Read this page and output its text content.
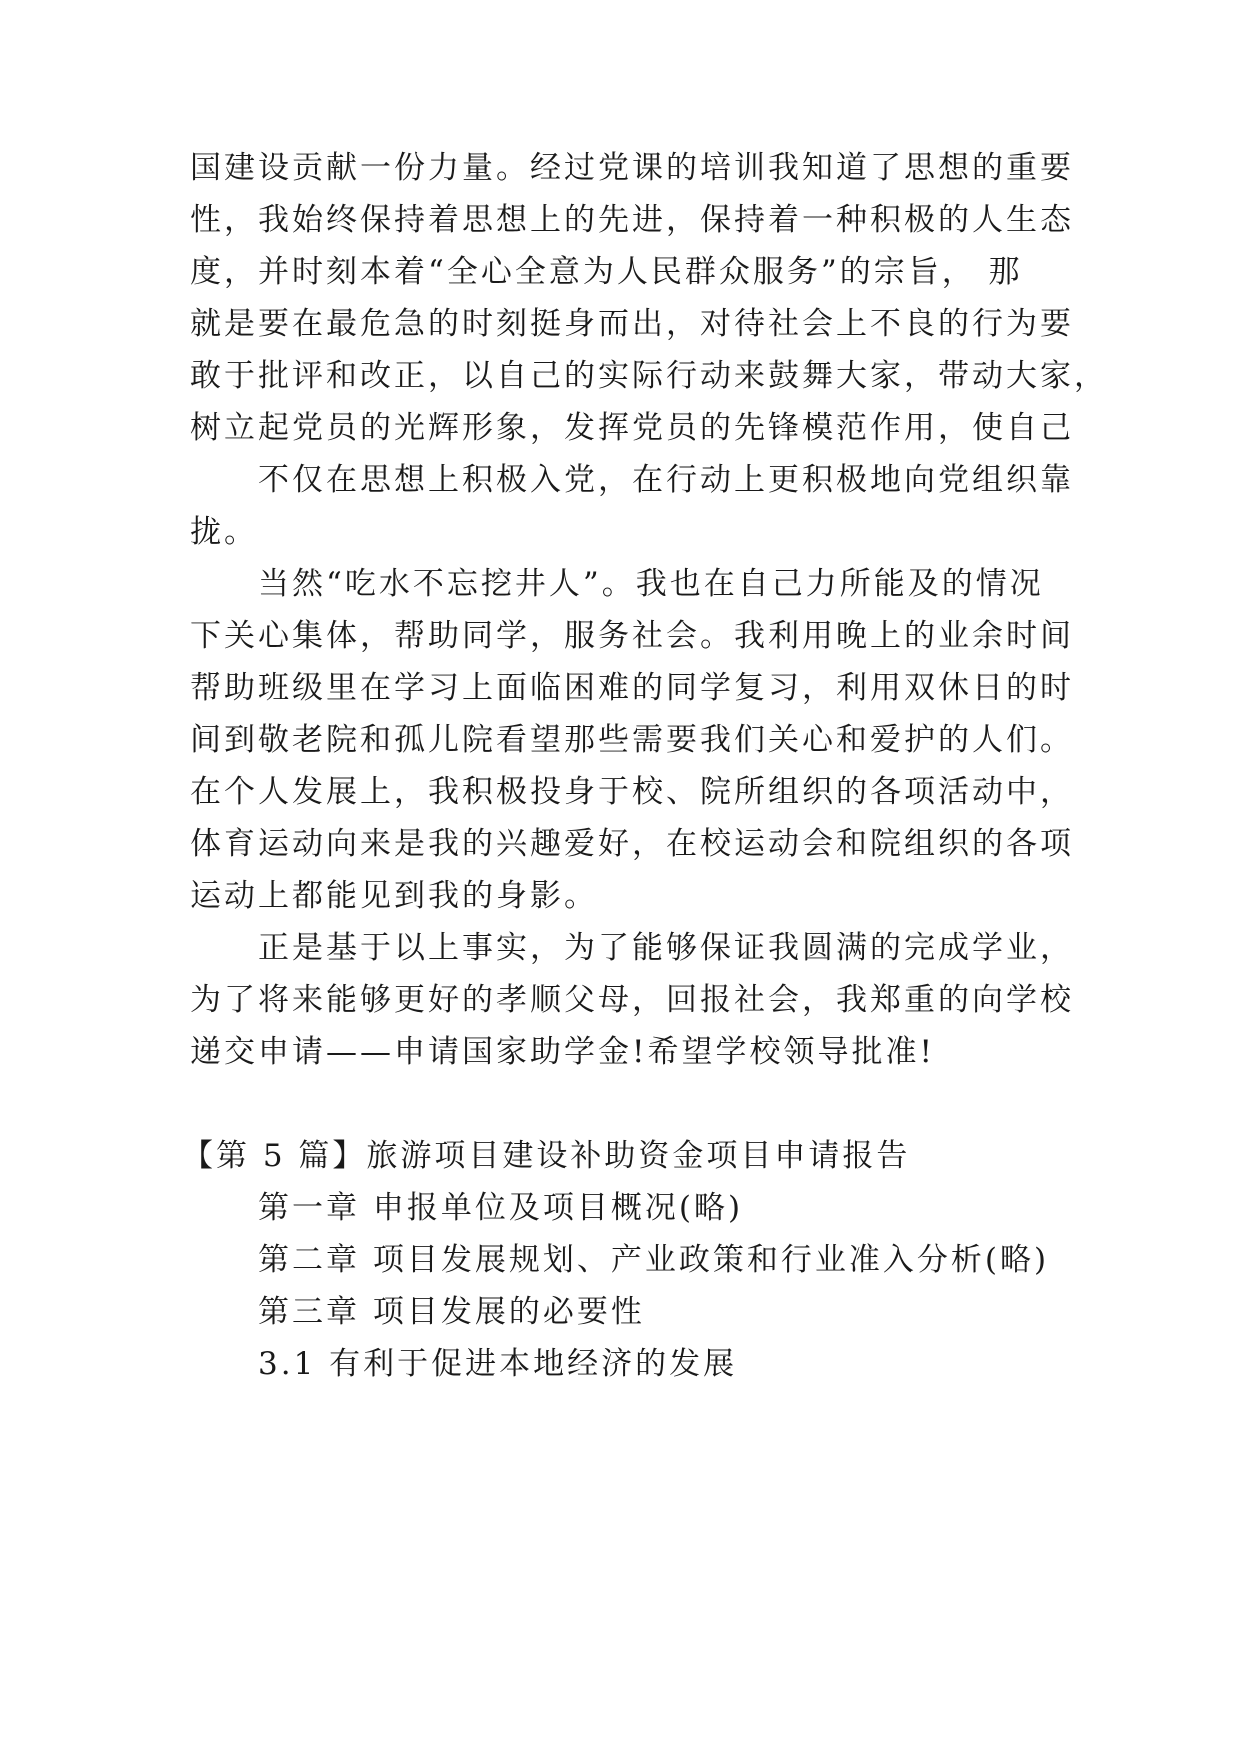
国建设贡献一份力量。经过党课的培训我知道了思想的重要
性，我始终保持着思想上的先进，保持着一种积极的人生态
度，并时刻本着“全心全意为人民群众服务”的宗旨， 那
就是要在最危急的时刻挺身而出，对待社会上不良的行为要
敢于批评和改正，以自己的实际行动来鼓舞大家，带动大家，
树立起党员的光辉形象，发挥党员的先锋模范作用，使自己
不仅在思想上积极入党，在行动上更积极地向党组织靠
拢。
当然“吃水不忘挖井人”。我也在自己力所能及的情况
下关心集体，帮助同学，服务社会。我利用晚上的业余时间
帮助班级里在学习上面临困难的同学复习，利用双休日的时
间到敬老院和孤儿院看望那些需要我们关心和爱护的人们。
在个人发展上，我积极投身于校、院所组织的各项活动中，
体育运动向来是我的兴趣爱好，在校运动会和院组织的各项
运动上都能见到我的身影。
正是基于以上事实，为了能够保证我圆满的完成学业，
为了将来能够更好的孝顺父母，回报社会，我郑重的向学校
递交申请——申请国家助学金!希望学校领导批准!
【第 5 篇】旅游项目建设补助资金项目申请报告
第一章 申报单位及项目概况(略)
第二章 项目发展规划、产业政策和行业准入分析(略)
第三章 项目发展的必要性
3.1 有利于促进本地经济的发展
